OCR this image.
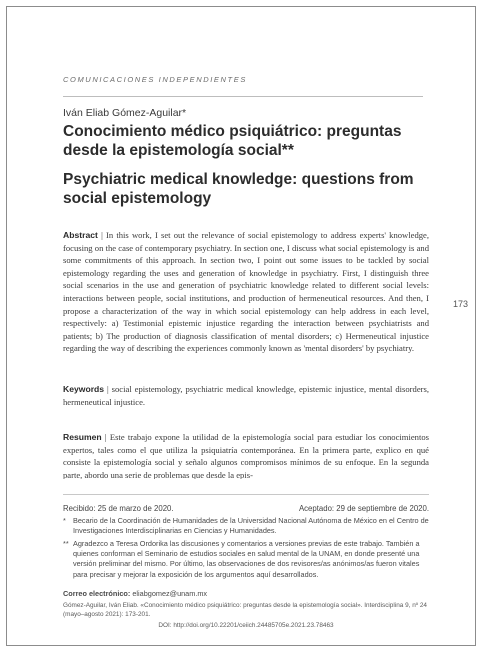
COMUNICACIONES INDEPENDIENTES
Iván Eliab Gómez-Aguilar*
Conocimiento médico psiquiátrico: preguntas desde la epistemología social**
Psychiatric medical knowledge: questions from social epistemology

Abstract | In this work, I set out the relevance of social epistemology to address experts' knowledge, focusing on the case of contemporary psychiatry. In section one, I discuss what social epistemology is and some commitments of this approach. In section two, I point out some issues to be tackled by social epistemology regarding the uses and generation of knowledge in psychiatry. First, I distinguish three social scenarios in the use and generation of psychiatric knowledge related to different social levels: interactions between people, social institutions, and production of hermeneutical resources. And then, I propose a characterization of the way in which social epistemology can help address in each level, respectively: a) Testimonial epistemic injustice regarding the interaction between psychiatrists and patients; b) The production of diagnosis classification of mental disorders; c) Hermeneutical injustice regarding the way of describing the experiences commonly known as 'mental disorders' by psychiatry.

173

Keywords | social epistemology, psychiatric medical knowledge, epistemic injustice, mental disorders, hermeneutical injustice.

Resumen | Este trabajo expone la utilidad de la epistemología social para estudiar los conocimientos expertos, tales como el que utiliza la psiquiatría contemporánea. En la primera parte, explico en qué consiste la epistemología social y señalo algunos compromisos mínimos de su enfoque. En la segunda parte, abordo una serie de problemas que desde la epis-

Recibido: 25 de marzo de 2020.	Aceptado: 29 de septiembre de 2020.

* Becario de la Coordinación de Humanidades de la Universidad Nacional Autónoma de México en el Centro de Investigaciones Interdisciplinarias en Ciencias y Humanidades.

** Agradezco a Teresa Ordorika las discusiones y comentarios a versiones previas de este trabajo. También a quienes conforman el Seminario de estudios sociales en salud mental de la UNAM, en donde presenté una versión preliminar del mismo. Por último, las observaciones de dos revisores/as anónimos/as fueron vitales para precisar y mejorar la exposición de los argumentos aquí desarrollados.

Correo electrónico: eliabgomez@unam.mx

Gómez-Aguilar, Iván Eliab. «Conocimiento médico psiquiátrico: preguntas desde la epistemología social». Interdisciplina 9, nº 24 (mayo–agosto 2021): 173-201.

DOI: http://doi.org/10.22201/ceiich.24485705e.2021.23.78463
